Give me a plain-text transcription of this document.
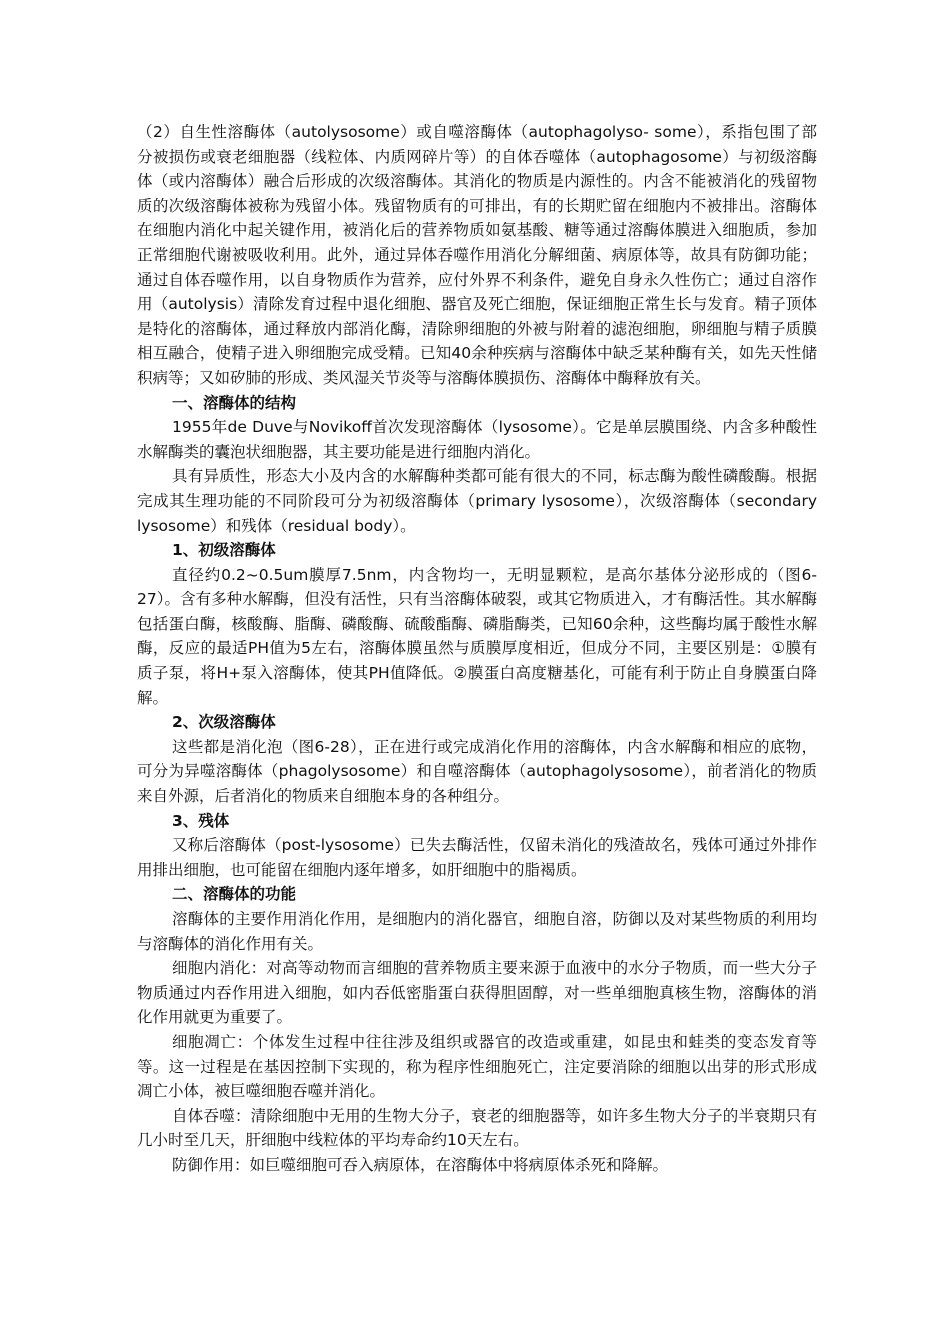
（2）自生性溶酶体（autolysosome）或自噬溶酶体（autophagolyso- some），系指包围了部分被损伤或衰老细胞器（线粒体、内质网碎片等）的自体吞噬体（autophagosome）与初级溶酶体（或内溶酶体）融合后形成的次级溶酶体。其消化的物质是内源性的。内含不能被消化的残留物质的次级溶酶体被称为残留小体。残留物质有的可排出，有的长期贮留在细胞内不被排出。溶酶体在细胞内消化中起关键作用，被消化后的营养物质如氨基酸、糖等通过溶酶体膜进入细胞质，参加正常细胞代谢被吸收利用。此外，通过异体吞噬作用消化分解细菌、病原体等，故具有防御功能；通过自体吞噬作用，以自身物质作为营养，应付外界不利条件，避免自身永久性伤亡；通过自溶作用（autolysis）清除发育过程中退化细胞、器官及死亡细胞，保证细胞正常生长与发育。精子顶体是特化的溶酶体，通过释放内部消化酶，清除卵细胞的外被与附着的滤泡细胞，卵细胞与精子质膜相互融合，使精子进入卵细胞完成受精。已知40余种疾病与溶酶体中缺乏某种酶有关，如先天性储积病等；又如矽肺的形成、类风湿关节炎等与溶酶体膜损伤、溶酶体中酶释放有关。

一、溶酶体的结构

1955年de Duve与Novikoff首次发现溶酶体（lysosome）。它是单层膜围绕、内含多种酸性水解酶类的囊泡状细胞器，其主要功能是进行细胞内消化。

具有异质性，形态大小及内含的水解酶种类都可能有很大的不同，标志酶为酸性磷酸酶。根据完成其生理功能的不同阶段可分为初级溶酶体（primary lysosome），次级溶酶体（secondary lysosome）和残体（residual body）。

1、初级溶酶体

直径约0.2~0.5um膜厚7.5nm，内含物均一，无明显颗粒，是高尔基体分泌形成的（图6-27）。含有多种水解酶，但没有活性，只有当溶酶体破裂，或其它物质进入，才有酶活性。其水解酶包括蛋白酶，核酸酶、脂酶、磷酸酶、硫酸酯酶、磷脂酶类，已知60余种，这些酶均属于酸性水解酶，反应的最适PH值为5左右，溶酶体膜虽然与质膜厚度相近，但成分不同，主要区别是：①膜有质子泵，将H+泵入溶酶体，使其PH值降低。②膜蛋白高度糖基化，可能有利于防止自身膜蛋白降解。

2、次级溶酶体

这些都是消化泡（图6-28），正在进行或完成消化作用的溶酶体，内含水解酶和相应的底物，可分为异噬溶酶体（phagolysosome）和自噬溶酶体（autophagolysosome），前者消化的物质来自外源，后者消化的物质来自细胞本身的各种组分。

3、残体

又称后溶酶体（post-lysosome）已失去酶活性，仅留未消化的残渣故名，残体可通过外排作用排出细胞，也可能留在细胞内逐年增多，如肝细胞中的脂褐质。

二、溶酶体的功能

溶酶体的主要作用消化作用，是细胞内的消化器官，细胞自溶，防御以及对某些物质的利用均与溶酶体的消化作用有关。

细胞内消化：对高等动物而言细胞的营养物质主要来源于血液中的水分子物质，而一些大分子物质通过内吞作用进入细胞，如内吞低密脂蛋白获得胆固醇，对一些单细胞真核生物，溶酶体的消化作用就更为重要了。

细胞凋亡：个体发生过程中往往涉及组织或器官的改造或重建，如昆虫和蛙类的变态发育等等。这一过程是在基因控制下实现的，称为程序性细胞死亡，注定要消除的细胞以出芽的形式形成凋亡小体，被巨噬细胞吞噬并消化。

自体吞噬：清除细胞中无用的生物大分子，衰老的细胞器等，如许多生物大分子的半衰期只有几小时至几天，肝细胞中线粒体的平均寿命约10天左右。

防御作用：如巨噬细胞可吞入病原体，在溶酶体中将病原体杀死和降解。
